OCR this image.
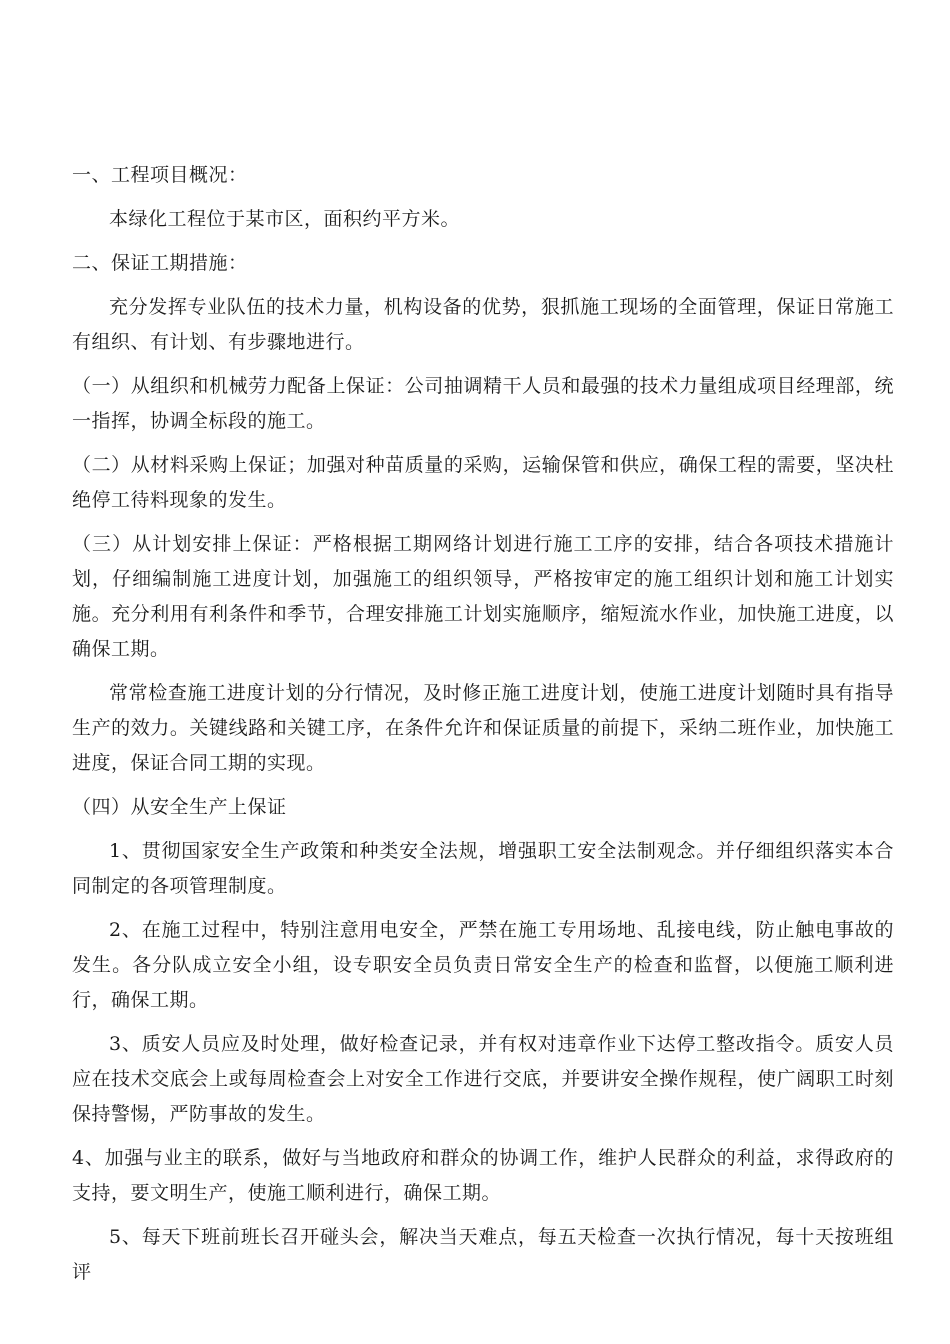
一、工程项目概况：

本绿化工程位于某市区，面积约平方米。

二、保证工期措施：

充分发挥专业队伍的技术力量，机构设备的优势，狠抓施工现场的全面管理，保证日常施工有组织、有计划、有步骤地进行。

（一）从组织和机械劳力配备上保证：公司抽调精干人员和最强的技术力量组成项目经理部，统一指挥，协调全标段的施工。

（二）从材料采购上保证；加强对种苗质量的采购，运输保管和供应，确保工程的需要，坚决杜绝停工待料现象的发生。

（三）从计划安排上保证：严格根据工期网络计划进行施工工序的安排，结合各项技术措施计划，仔细编制施工进度计划，加强施工的组织领导，严格按审定的施工组织计划和施工计划实施。充分利用有利条件和季节，合理安排施工计划实施顺序，缩短流水作业，加快施工进度，以确保工期。

常常检查施工进度计划的分行情况，及时修正施工进度计划，使施工进度计划随时具有指导生产的效力。关键线路和关键工序，在条件允许和保证质量的前提下，采纳二班作业，加快施工进度，保证合同工期的实现。

（四）从安全生产上保证

1、贯彻国家安全生产政策和种类安全法规，增强职工安全法制观念。并仔细组织落实本合同制定的各项管理制度。

2、在施工过程中，特别注意用电安全，严禁在施工专用场地、乱接电线，防止触电事故的发生。各分队成立安全小组，设专职安全员负责日常安全生产的检查和监督，以便施工顺利进行，确保工期。

3、质安人员应及时处理，做好检查记录，并有权对违章作业下达停工整改指令。质安人员应在技术交底会上或每周检查会上对安全工作进行交底，并要讲安全操作规程，使广阔职工时刻保持警惕，严防事故的发生。

4、加强与业主的联系，做好与当地政府和群众的协调工作，维护人民群众的利益，求得政府的支持，要文明生产，使施工顺利进行，确保工期。

5、每天下班前班长召开碰头会，解决当天难点，每五天检查一次执行情况，每十天按班组评
